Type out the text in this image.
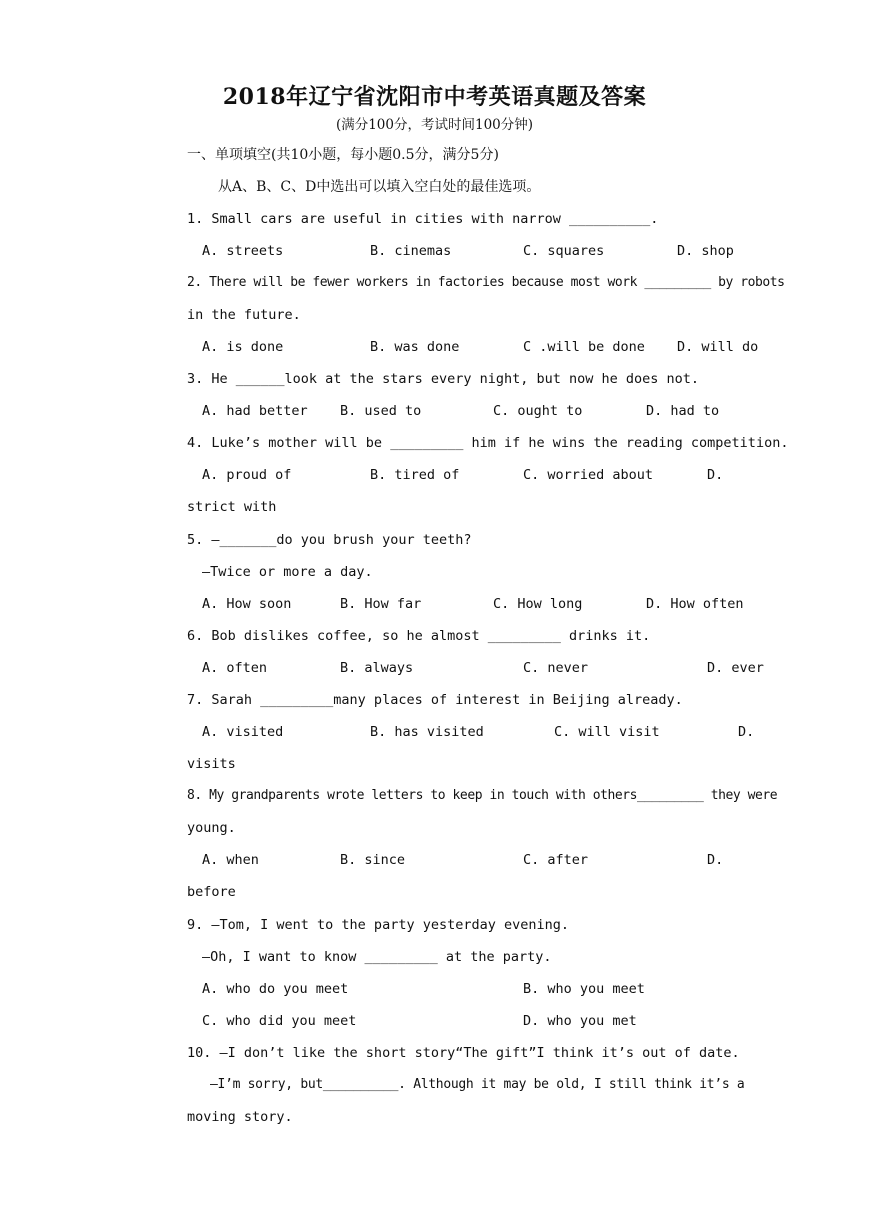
2018年辽宁省沈阳市中考英语真题及答案
(满分100分，考试时间100分钟)
一、单项填空(共10小题，每小题0.5分，满分5分)
从A、B、C、D中选出可以填入空白处的最佳选项。
1. Small cars are useful in cities with narrow __________.
A. streets	B. cinemas	C. squares	D. shop
2. There will be fewer workers in factories because most work _________ by robots
in the future.
A. is done	B. was done	C .will be done D. will do
3. He ______look at the stars every night, but now he does not.
A. had better B. used to	C. ought to	D. had to
4. Luke’s mother will be _________ him if he wins the reading competition.
A. proud of	B. tired of	C. worried about	D.
strict with
5. —_______do you brush your teeth?
—Twice or more a day.
A. How soon	B. How far	C. How long	D. How often
6. Bob dislikes coffee, so he almost _________ drinks it.
A. often	B. always	C. never	D. ever
7. Sarah _________many places of interest in Beijing already.
A. visited	B. has visited	C. will visit	D.
visits
8. My grandparents wrote letters to keep in touch with others_________ they were
young.
A. when	B. since	C. after	D.
before
9. —Tom, I went to the party yesterday evening.
—Oh, I want to know _________ at the party.
A. who do you meet	B. who you meet
C. who did you meet	D. who you met
10. —I don’t like the short story“The gift”I think it’s out of date.
—I’m sorry, but__________. Although it may be old, I still think it’s a
moving story.
